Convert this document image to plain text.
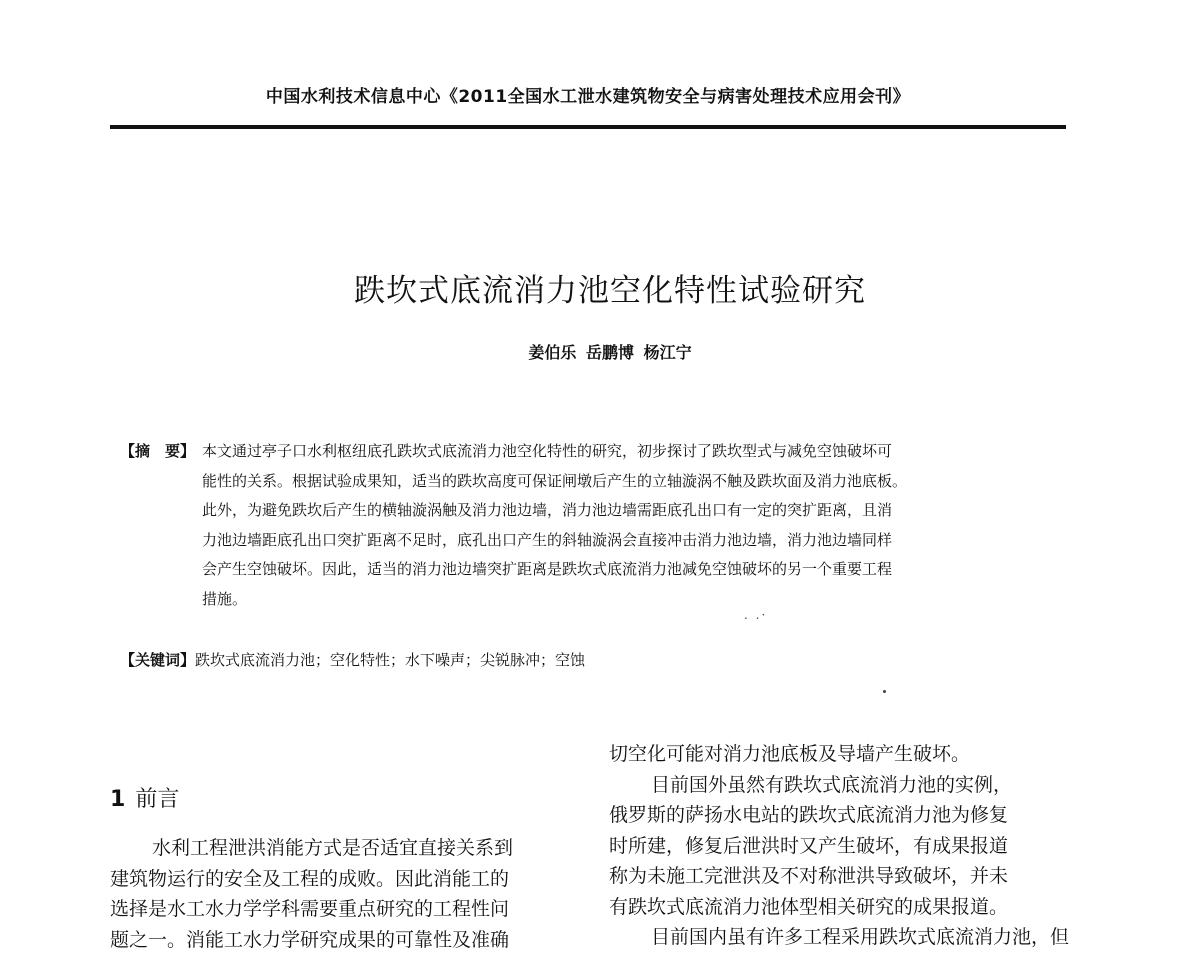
中国水利技术信息中心《2011全国水工泄水建筑物安全与病害处理技术应用会刊》
跌坎式底流消力池空化特性试验研究
姜伯乐 岳鹏博 杨江宁
【摘　要】 本文通过亭子口水利枢纽底孔跌坎式底流消力池空化特性的研究，初步探讨了跌坎型式与减免空蚀破坏可
能性的关系。根据试验成果知，适当的跌坎高度可保证闸墩后产生的立轴漩涡不触及跌坎面及消力池底板。
此外，为避免跌坎后产生的横轴漩涡触及消力池边墙，消力池边墙需距底孔出口有一定的突扩距离，且消
力池边墙距底孔出口突扩距离不足时，底孔出口产生的斜轴漩涡会直接冲击消力池边墙，消力池边墙同样
会产生空蚀破坏。因此，适当的消力池边墙突扩距离是跌坎式底流消力池减免空蚀破坏的另一个重要工程
措施。
. .·
【关键词】跌坎式底流消力池；空化特性；水下噪声；尖锐脉冲；空蚀
1 前言
水利工程泄洪消能方式是否适宜直接关系到
建筑物运行的安全及工程的成败。因此消能工的
选择是水工水力学学科需要重点研究的工程性问
题之一。消能工水力学研究成果的可靠性及准确
切空化可能对消力池底板及导墙产生破坏。
目前国外虽然有跌坎式底流消力池的实例，
俄罗斯的萨扬水电站的跌坎式底流消力池为修复
时所建，修复后泄洪时又产生破坏，有成果报道
称为未施工完泄洪及不对称泄洪导致破坏，并未
有跌坎式底流消力池体型相关研究的成果报道。
目前国内虽有许多工程采用跌坎式底流消力池，但
